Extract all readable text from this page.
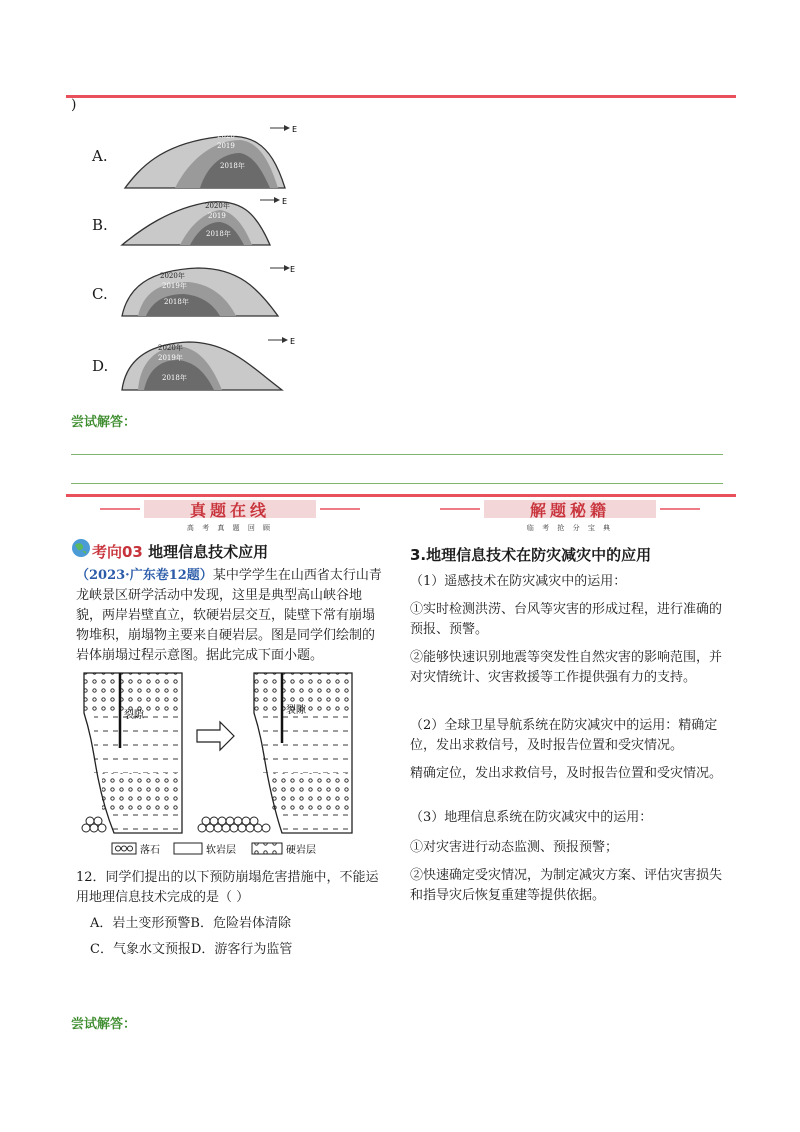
)
A.
E
2020
2019
2018年
B.
E
2020年
2019
2018年
C.
E
2020年
2019年
2018年
D.
E
2020年
2019年
2018年
尝试解答：
真题在线
高 考 真 题 回 顾
解题秘籍
临 考 抢 分 宝 典
考向03 地理信息技术应用
（2023·广东卷12题）某中学学生在山西省太行山青龙峡景区研学活动中发现，这里是典型高山峡谷地貌，两岸岩壁直立，软硬岩层交互，陡壁下常有崩塌物堆积，崩塌物主要来自硬岩层。图是同学们绘制的岩体崩塌过程示意图。据此完成下面小题。
裂隙	裂隙
落石	软岩层	硬岩层
12．同学们提出的以下预防崩塌危害措施中，不能运用地理信息技术完成的是（ ）
A．岩土变形预警B．危险岩体清除
C．气象水文预报D．游客行为监管
尝试解答：
3.地理信息技术在防灾减灾中的应用
（1）遥感技术在防灾减灾中的运用：
①实时检测洪涝、台风等灾害的形成过程，进行准确的预报、预警。
②能够快速识别地震等突发性自然灾害的影响范围，并对灾情统计、灾害救援等工作提供强有力的支持。
（2）全球卫星导航系统在防灾减灾中的运用：精确定位，发出求救信号，及时报告位置和受灾情况。
精确定位，发出求救信号，及时报告位置和受灾情况。
（3）地理信息系统在防灾减灾中的运用：
①对灾害进行动态监测、预报预警；
②快速确定受灾情况，为制定减灾方案、评估灾害损失和指导灾后恢复重建等提供依据。
